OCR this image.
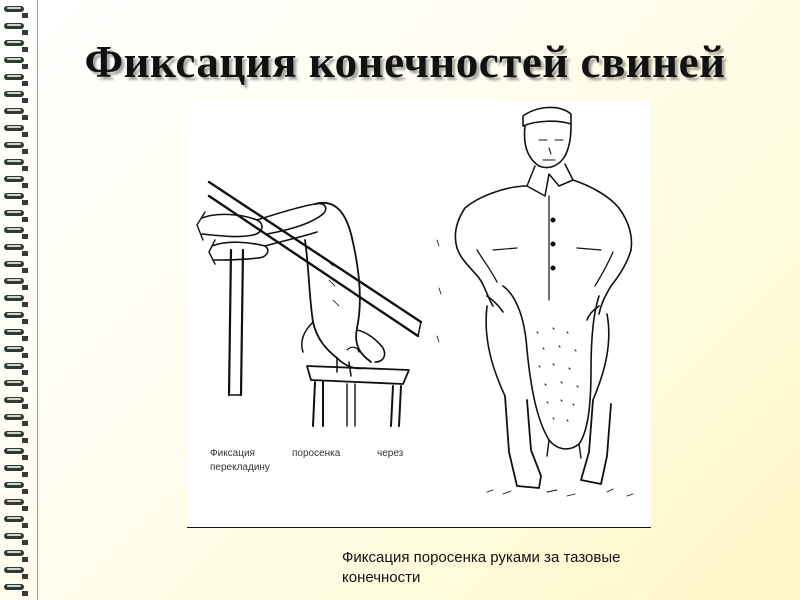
Фиксация конечностей свиней
Фиксация	поросенка	через
перекладину
Фиксация поросенка руками за тазовые конечности
